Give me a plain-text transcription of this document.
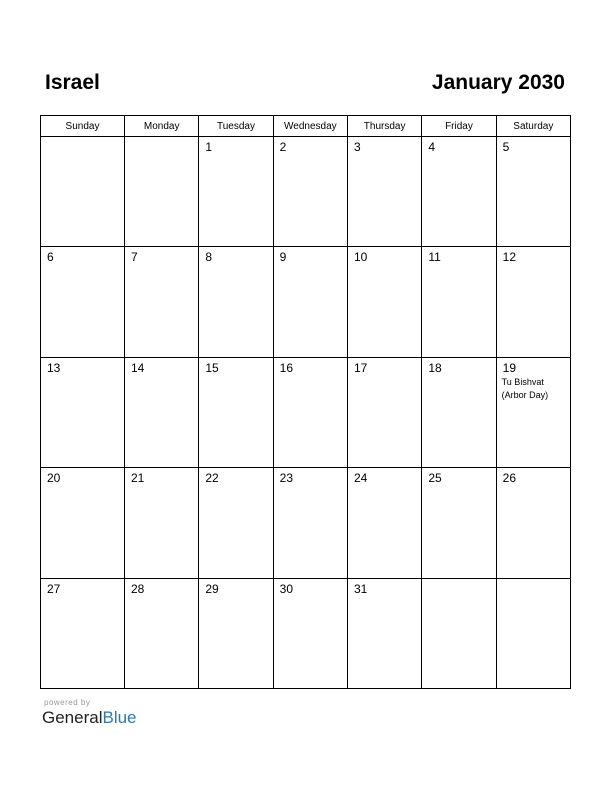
Israel	January 2030
Sunday	Monday	Tuesday	Wednesday	Thursday	Friday	Saturday

		1	2	3	4	5

6	7	8	9	10	11	12

13	14	15	16	17	18	19
Tu Bishvat (Arbor Day)

20	21	22	23	24	25	26

27	28	29	30	31		

powered by
GeneralBlue
